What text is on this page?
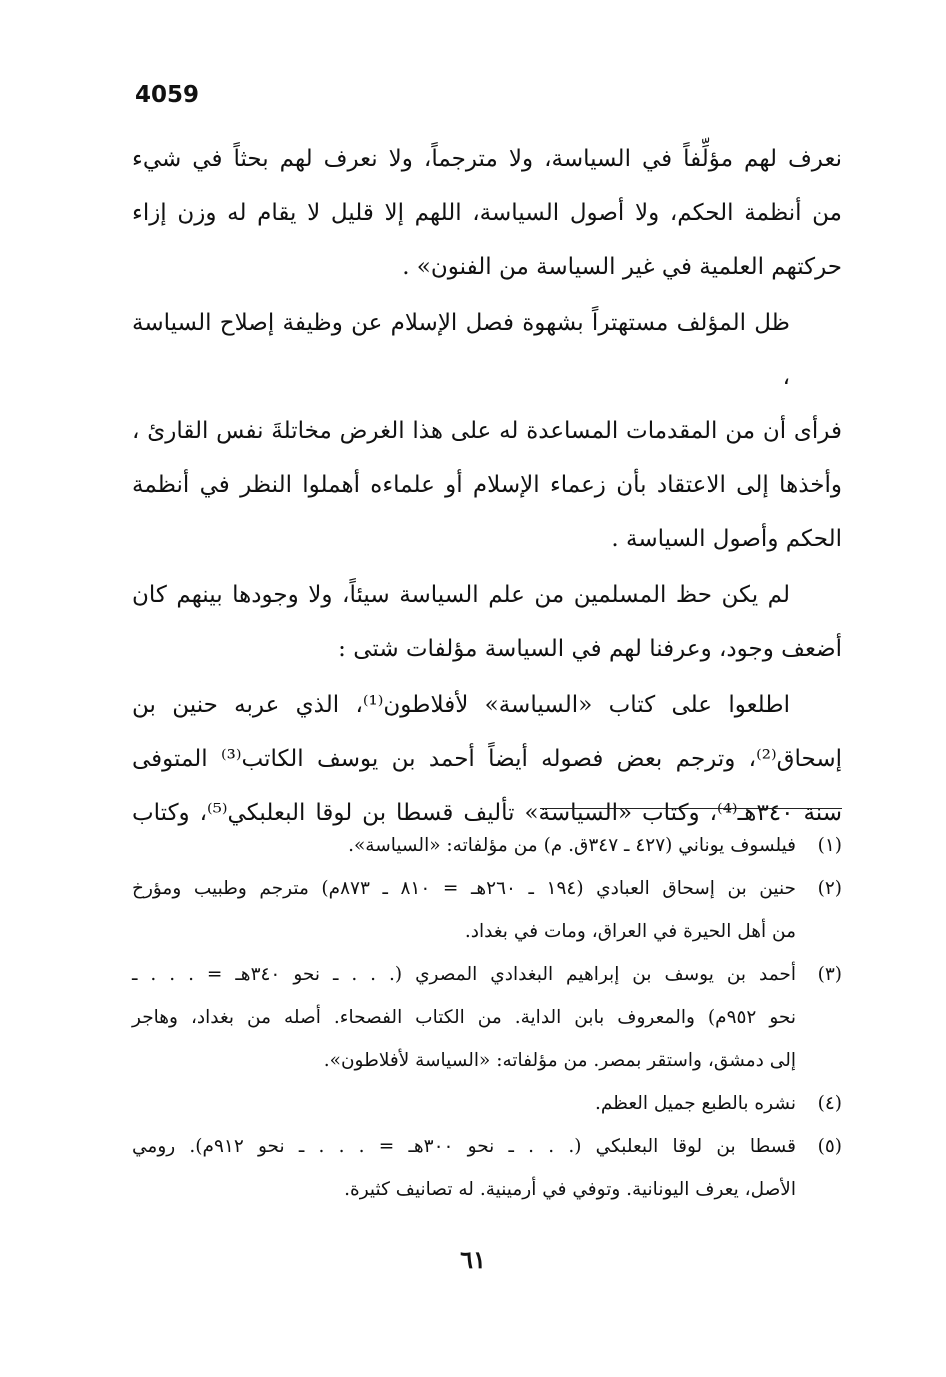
4059
نعرف لهم مؤلِّفاً في السياسة، ولا مترجماً، ولا نعرف لهم بحثاً في شيء
من أنظمة الحكم، ولا أصول السياسة، اللهم إلا قليل لا يقام له وزن إزاء
حركتهم العلمية في غير السياسة من الفنون» .
ظل المؤلف مستهتراً بشهوة فصل الإسلام عن وظيفة إصلاح السياسة ،
فرأى أن من المقدمات المساعدة له على هذا الغرض مخاتلةَ نفس القارئ ،
وأخذها إلى الاعتقاد بأن زعماء الإسلام أو علماءه أهملوا النظر في أنظمة
الحكم وأصول السياسة .
لم يكن حظ المسلمين من علم السياسة سيئاً، ولا وجودها بينهم كان
أضعف وجود، وعرفنا لهم في السياسة مؤلفات شتى :
اطلعوا على كتاب «السياسة» لأفلاطون⁽¹⁾، الذي عربه حنين بن
إسحاق⁽²⁾، وترجم بعض فصوله أيضاً أحمد بن يوسف الكاتب⁽³⁾ المتوفى
سنة ٣٤٠هـ⁽⁴⁾، وكتاب «السياسة» تأليف قسطا بن لوقا البعلبكي⁽⁵⁾، وكتاب
(١)
فيلسوف يوناني (٤٢٧ ـ ٣٤٧ق. م) من مؤلفاته: «السياسة».
(٢)
حنين بن إسحاق العبادي (١٩٤ ـ ٢٦٠هـ = ٨١٠ ـ ٨٧٣م) مترجم وطبيب ومؤرخ
من أهل الحيرة في العراق، ومات في بغداد.
(٣)
أحمد بن يوسف بن إبراهيم البغدادي المصري (. . . ـ نحو ٣٤٠هـ = . . . ـ
نحو ٩٥٢م) والمعروف بابن الداية. من الكتاب الفصحاء. أصله من بغداد، وهاجر
إلى دمشق، واستقر بمصر. من مؤلفاته: «السياسة لأفلاطون».
(٤)
نشره بالطبع جميل العظم.
(٥)
قسطا بن لوقا البعلبكي (. . . ـ نحو ٣٠٠هـ = . . . ـ نحو ٩١٢م). رومي
الأصل، يعرف اليونانية. وتوفي في أرمينية. له تصانيف كثيرة.
٦١
